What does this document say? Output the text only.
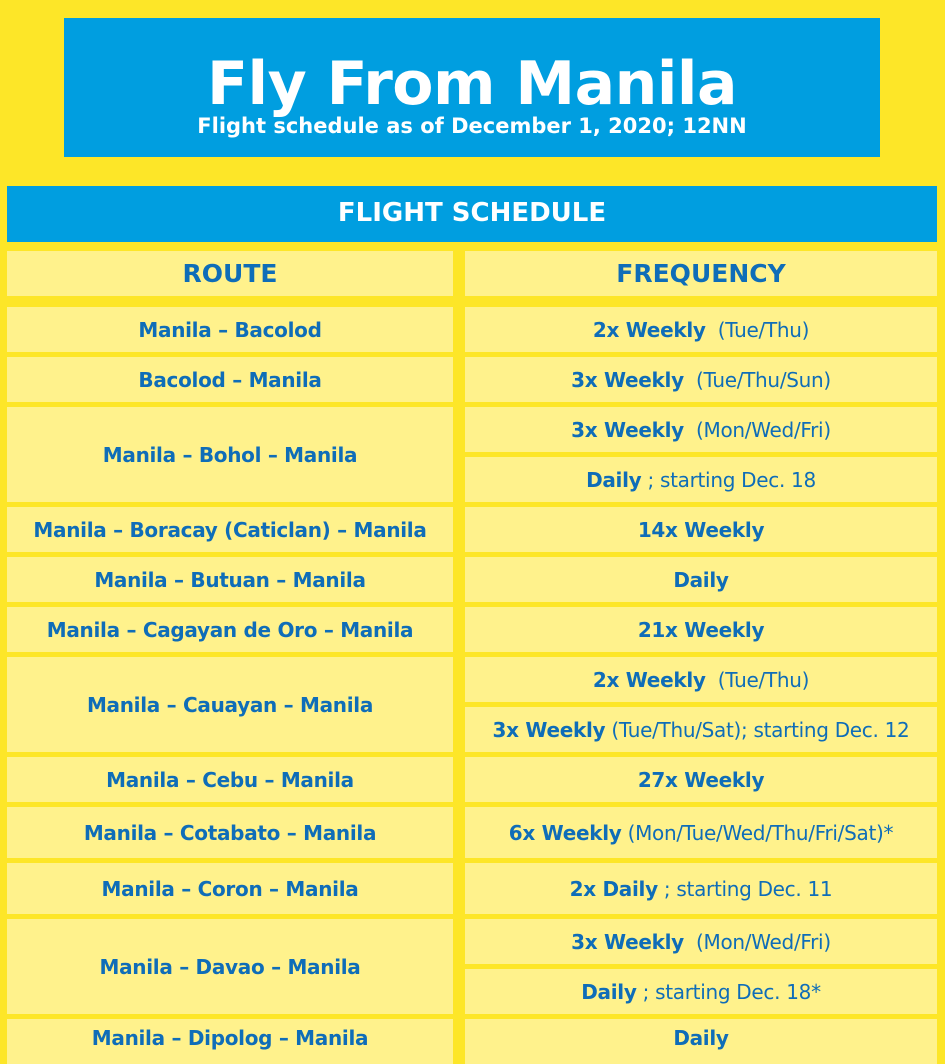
Fly From Manila
Flight schedule as of December 1, 2020; 12NN
FLIGHT SCHEDULE
ROUTE	FREQUENCY
Manila – Bacolod
Bacolod – Manila
Manila – Bohol – Manila
Manila – Boracay (Caticlan) – Manila
Manila – Butuan – Manila
Manila – Cagayan de Oro – Manila
Manila – Cauayan – Manila
Manila – Cebu – Manila
Manila – Cotabato – Manila
Manila – Coron – Manila
Manila – Davao – Manila
Manila – Dipolog – Manila
2x Weekly (Tue/Thu)
3x Weekly (Tue/Thu/Sun)
3x Weekly (Mon/Wed/Fri)
Daily ; starting Dec. 18
14x Weekly
Daily
21x Weekly
2x Weekly (Tue/Thu)
3x Weekly (Tue/Thu/Sat); starting Dec. 12
27x Weekly
6x Weekly (Mon/Tue/Wed/Thu/Fri/Sat)*
2x Daily ; starting Dec. 11
3x Weekly (Mon/Wed/Fri)
Daily ; starting Dec. 18*
Daily
